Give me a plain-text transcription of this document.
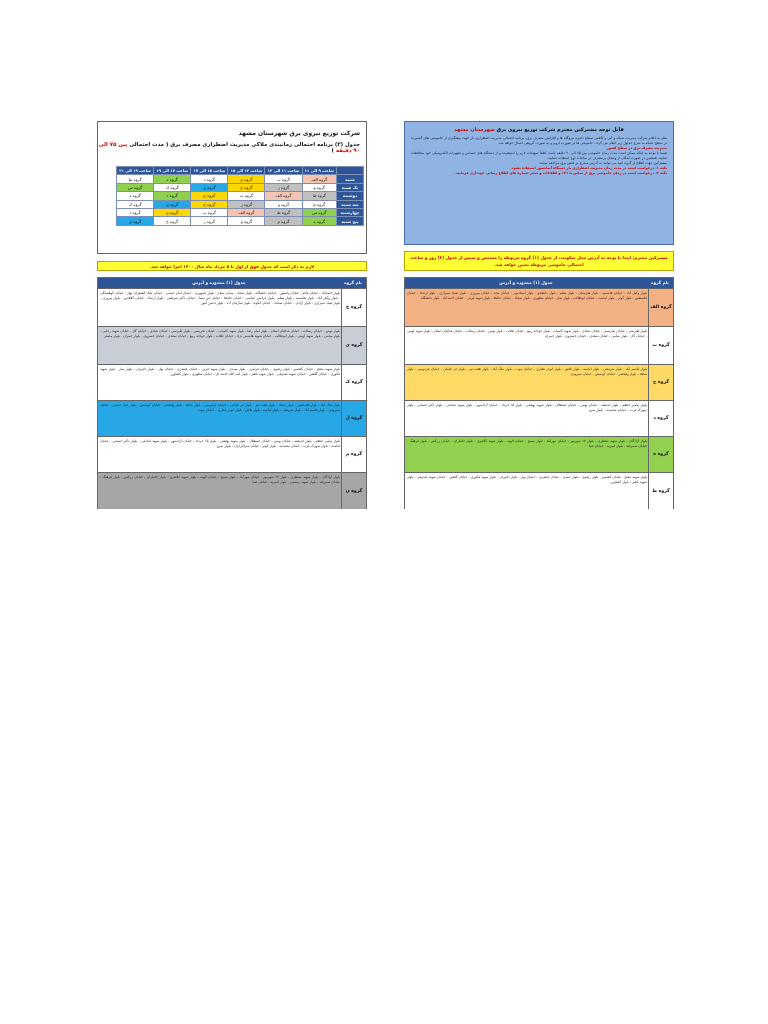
شرکت توزیع نیروی برق شهرستان مشهد
جدول (۳) برنامه احتمالی زمانبندی ملاکی مدیریت اضطراری مصرف برق ( مدت احتمالی بین ۷۵ الی ۹۰ دقیقه )
	ساعت ۹ الی ۱۱	ساعت ۱۱ الی ۱۳	ساعت ۱۳ الی ۱۵	ساعت ۱۵ الی ۱۷	ساعت ۱۷ الی ۱۹	ساعت ۱۹ الی ۲۱
شنبه	گروه الف	گروه ب	گروه ج	گروه د	گروه ه	گروه ط
یک شنبه	گروه و	گروه ز	گروه ح	گروه ی	گروه ک	گروه س
دوشنبه	گروه ط	گروه الف	گروه ب	گروه ج	گروه د	گروه ه
سه شنبه	گروه م	گروه و	گروه ز	گروه ح	گروه ی	گروه ک
چهارشنبه	گروه س	گروه ط	گروه الف	گروه ب	گروه ج	گروه د
پنج شنبه	گروه ه	گروه م	گروه و	گروه ز	گروه ح	گروه ی
لازم به ذکر است که جدول فوق از اول تا ۵ خرداد ماه سال ۱۴۰۰ اجرا خواهد شد.
نام گروه
جدول (۱) محدوده و آدرس
گروه ح
بلوار احمدآباد - خیابان قائم - خیابان پاستور - خیابان دانشگاه - بلوار سجاد - میدان سلام - بلوار جمهوری - خیابان امام خمینی - خیابان ملک الشعرای بهار - خیابان کوهسنگی - بلوار وکیل آباد - بلوار هاشمیه - بلوار معلم - بلوار فرامرز عباسی - خیابان حافظ - خیابان ابن سینا - خیابان دکتر شریعتی - بلوار ارشاد - خیابان کلاهدوز - بلوار پیروزی - بلوار صیاد شیرازی - بلوار آزادی - خیابان سناباد - خیابان آبکوه - بلوار سازمان آب - بلوار دانش آموز
گروه ی
بلوار توس - خیابان رسالت - خیابان فدائیان اسلام - بلوار امام رضا - بلوار شهید کامیاب - خیابان نخریسی - بلوار طبرسی - خیابان عبادی - خیابان گاز - خیابان شهید رجایی - بلوار میامی - بلوار شهید آوینی - بلوار ابوطالب - خیابان شهید هاشمی نژاد - خیابان طلاب - بلوار خواجه ربیع - خیابان سعدی - خیابان خسروی - بلوار چمران - بلوار مصلی
گروه ک
بلوار شهید مفتح - خیابان کشمیر - بلوار رضوی - خیابان فرامرز - بلوار سیدی - بلوار شهید قرنی - خیابان عنصری - خیابان بهار - بلوار دلاوران - بلوار نماز - بلوار شهید فکوری - خیابان گلشن - خیابان شهید صدوقی - بلوار شهید باهنر - بلوار آیت الله خامنه ای - خیابان مطهری - بلوار کشاورز
گروه ل
بلوار ملک آباد - بلوار فلسطین - بلوار سجاد - بلوار هفت تیر - بلوار حر عاملی - خیابان فردوسی - بلوار شاهد - بلوار ولیعصر - خیابان کوشش - بلوار عدل خمینی - خیابان شیرودی - بلوار قاسم آباد - بلوار شریعتی - بلوار امامیه - بلوار تلاش - بلوار ابوذر غفاری - خیابان نبوت
گروه م
بلوار پیامبر اعظم - بلوار اندیشه - خیابان بهمن - خیابان استقلال - بلوار شهید بهشتی - بلوار ۱۵ خرداد - خیابان آزادشهر - بلوار شهید صادقی - بلوار دکتر حسابی - خیابان امامت - بلوار شهرک غرب - خیابان محمدیه - بلوار کوثر - خیابان سرافرازان - بلوار سرو
گروه ن
بلوار آزادگان - بلوار شهید منتظری - بلوار ۱۷ شهریور - خیابان مهرآباد - بلوار بسیج - خیابان الهیه - بلوار شهید کلانتری - بلوار جانبازان - خیابان زرکش - بلوار فرهنگ - خیابان سمزقند - بلوار شهید رستمی - بلوار امیریه - خیابان صبا
قابل توجه مشترکین محترم شرکت توزیع نیروی برق شهرستان مشهد
نظر به اعلام شرکت مدیریت شبکه و آبی و کاهش سطح ذخیره نیروگاه ها و افزایش مصرف برق، برنامه احتمالی مدیریت اضطراری بار جهت پیشگیری از خاموشی های گسترده در سطح شبکه به شرح جداول زیر اعلام می گردد. خاموشی ها در صورت لزوم و به صورت گروهی اعمال خواهد شد.
مدیریت مصرف برق در سطح کشور
ضمناً با توجه به اینکه ممکن است مدت زمان خاموشی بین ۷۵ الی ۹۰ دقیقه باشد، لطفاً تمهیدات لازم را اندیشیده و از دستگاه های حساس و تجهیزات الکترونیکی خود محافظت نمایید. همچنین در صورت امکان از وسایل پرمصرف در ساعات اوج استفاده ننمایید.
مشترکین جهت اطلاع از گروه خود می توانند به آدرس مندرج در قبض برق مراجعه نمایند.
نکته ۱: درخواست است در مدت زمان مدیریت اضطراری بار دستگاه آسانسور استفاده نشود.
نکته ۲: درخواست است در زمان خاموشی برق از تماس با ۱۲۱ و اطلاعات و سایر شماره های اطلاع رسانی خودداری فرمایید.
مشترکین محترم: ابتدا با توجه به آدرس محل سکونت، از جدول (۱) گروه مربوطه را مشخص و سپس از جدول (۳) روز و ساعت احتمالی خاموشی مربوطه تعیین خواهد شد.
نام گروه
جدول (۱) محدوده و آدرس
گروه الف
بلوار وکیل آباد - خیابان هاشمیه - بلوار هنرستان - بلوار معلم - بلوار دانشجو - بلوار استادیوم - خیابان مجد - خیابان پیروزی - بلوار صیاد شیرازی - بلوار ارشاد - خیابان فلسطین - بلوار کوثر - بلوار امامت - خیابان ابوطالب - بلوار نماز - خیابان مطهری - بلوار سجاد - خیابان حافظ - بلوار شهید قرنی - خیابان احمدآباد - بلوار دانشگاه
گروه ب
بلوار طبرسی - خیابان نخریسی - خیابان عبادی - بلوار شهید کامیاب - بلوار خواجه ربیع - خیابان طلاب - بلوار توس - خیابان رسالت - خیابان فدائیان اسلام - بلوار شهید آوینی - خیابان گاز - بلوار میامی - خیابان سعدی - خیابان خسروی - بلوار چمران
گروه ج
بلوار قاسم آباد - بلوار شریعتی - بلوار امامیه - بلوار تلاش - بلوار ابوذر غفاری - خیابان نبوت - بلوار ملک آباد - بلوار هفت تیر - بلوار حر عاملی - خیابان فردوسی - بلوار شاهد - بلوار ولیعصر - خیابان کوشش - خیابان شیرودی
گروه د
بلوار پیامبر اعظم - بلوار اندیشه - خیابان بهمن - خیابان استقلال - بلوار شهید بهشتی - بلوار ۱۵ خرداد - خیابان آزادشهر - بلوار شهید صادقی - بلوار دکتر حسابی - بلوار شهرک غرب - خیابان محمدیه - بلوار سرو
گروه ه
بلوار آزادگان - بلوار شهید منتظری - بلوار ۱۷ شهریور - خیابان مهرآباد - بلوار بسیج - خیابان الهیه - بلوار شهید کلانتری - بلوار جانبازان - خیابان زرکش - بلوار فرهنگ - خیابان سمرقند - بلوار امیریه - خیابان صبا
گروه ط
بلوار شهید مفتح - خیابان کشمیر - بلوار رضوی - بلوار سیدی - خیابان عنصری - خیابان بهار - بلوار دلاوران - بلوار شهید فکوری - خیابان گلشن - خیابان شهید صدوقی - بلوار شهید باهنر - بلوار کشاورز
